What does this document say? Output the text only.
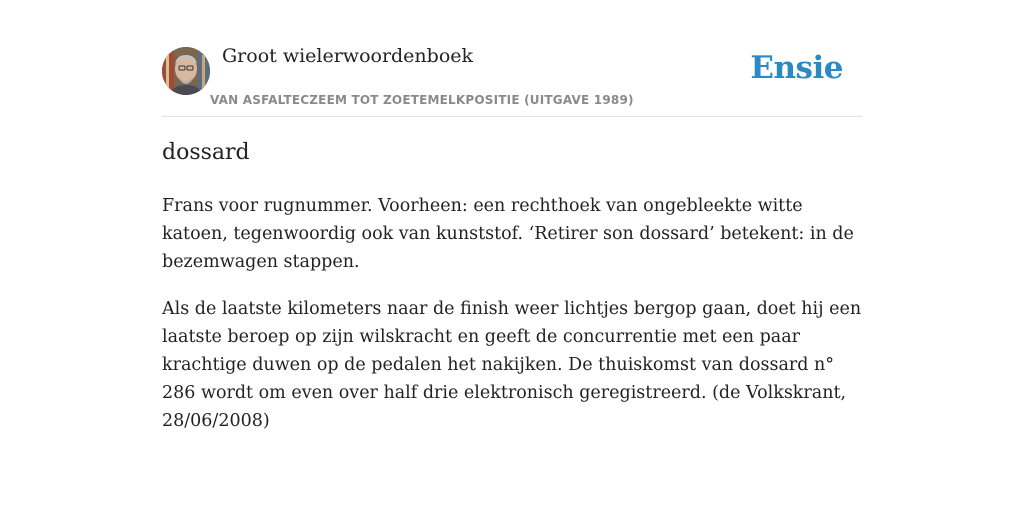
Groot wielerwoordenboek
VAN ASFALTECZEEM TOT ZOETEMELKPOSITIE (UITGAVE 1989)
Ensie
dossard

Frans voor rugnummer. Voorheen: een rechthoek van ongebleekte witte katoen, tegenwoordig ook van kunststof. ‘Retirer son dossard’ betekent: in de bezemwagen stappen.

Als de laatste kilometers naar de finish weer lichtjes bergop gaan, doet hij een laatste beroep op zijn wilskracht en geeft de concurrentie met een paar krachtige duwen op de pedalen het nakijken. De thuiskomst van dossard n° 286 wordt om even over half drie elektronisch geregistreerd. (de Volkskrant, 28/06/2008)
